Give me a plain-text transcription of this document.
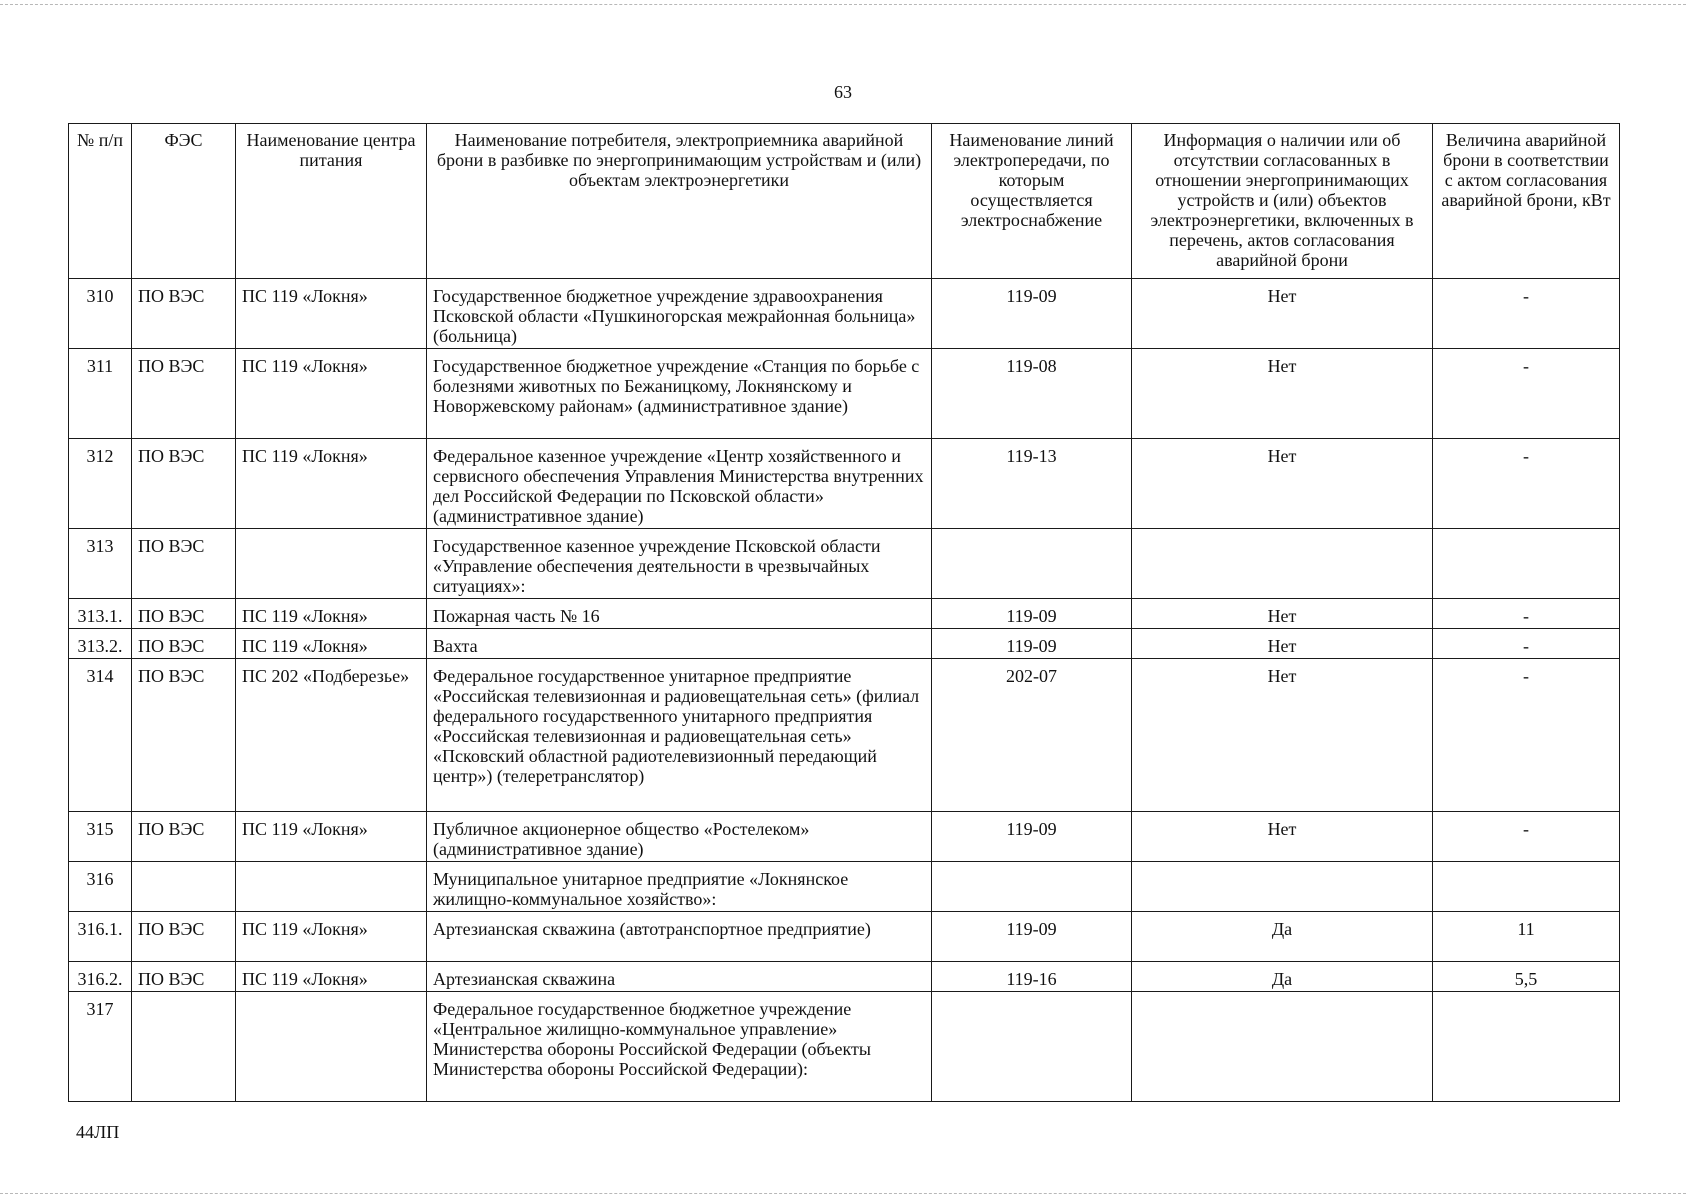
63
№ п/п	ФЭС	Наименование центра питания	Наименование потребителя, электроприемника аварийной брони в разбивке по энергопринимающим устройствам и (или) объектам электроэнергетики	Наименование линий электропередачи, по которым осуществляется электроснабжение	Информация о наличии или об отсутствии согласованных в отношении энергопринимающих устройств и (или) объектов электроэнергетики, включенных в перечень, актов согласования аварийной брони	Величина аварийной брони в соответствии с актом согласования аварийной брони, кВт
310	ПО ВЭС	ПС 119 «Локня»	Государственное бюджетное учреждение здравоохранения Псковской области «Пушкиногорская межрайонная больница» (больница)	119-09	Нет	-
311	ПО ВЭС	ПС 119 «Локня»	Государственное бюджетное учреждение «Станция по борьбе с болезнями животных по Бежаницкому, Локнянскому и Новоржевскому районам» (административное здание)	119-08	Нет	-
312	ПО ВЭС	ПС 119 «Локня»	Федеральное казенное учреждение «Центр хозяйственного и сервисного обеспечения Управления Министерства внутренних дел Российской Федерации по Псковской области» (административное здание)	119-13	Нет	-
313	ПО ВЭС		Государственное казенное учреждение Псковской области «Управление обеспечения деятельности в чрезвычайных ситуациях»:			
313.1.	ПО ВЭС	ПС 119 «Локня»	Пожарная часть № 16	119-09	Нет	-
313.2.	ПО ВЭС	ПС 119 «Локня»	Вахта	119-09	Нет	-
314	ПО ВЭС	ПС 202 «Подберезье»	Федеральное государственное унитарное предприятие «Российская телевизионная и радиовещательная сеть» (филиал федерального государственного унитарного предприятия «Российская телевизионная и радиовещательная сеть» «Псковский областной радиотелевизионный передающий центр») (телеретранслятор)	202-07	Нет	-
315	ПО ВЭС	ПС 119 «Локня»	Публичное акционерное общество «Ростелеком» (административное здание)	119-09	Нет	-
316			Муниципальное унитарное предприятие «Локнянское жилищно-коммунальное хозяйство»:			
316.1.	ПО ВЭС	ПС 119 «Локня»	Артезианская скважина (автотранспортное предприятие)	119-09	Да	11
316.2.	ПО ВЭС	ПС 119 «Локня»	Артезианская скважина	119-16	Да	5,5
317			Федеральное государственное бюджетное учреждение «Центральное жилищно-коммунальное управление» Министерства обороны Российской Федерации (объекты Министерства обороны Российской Федерации):			
44ЛП
